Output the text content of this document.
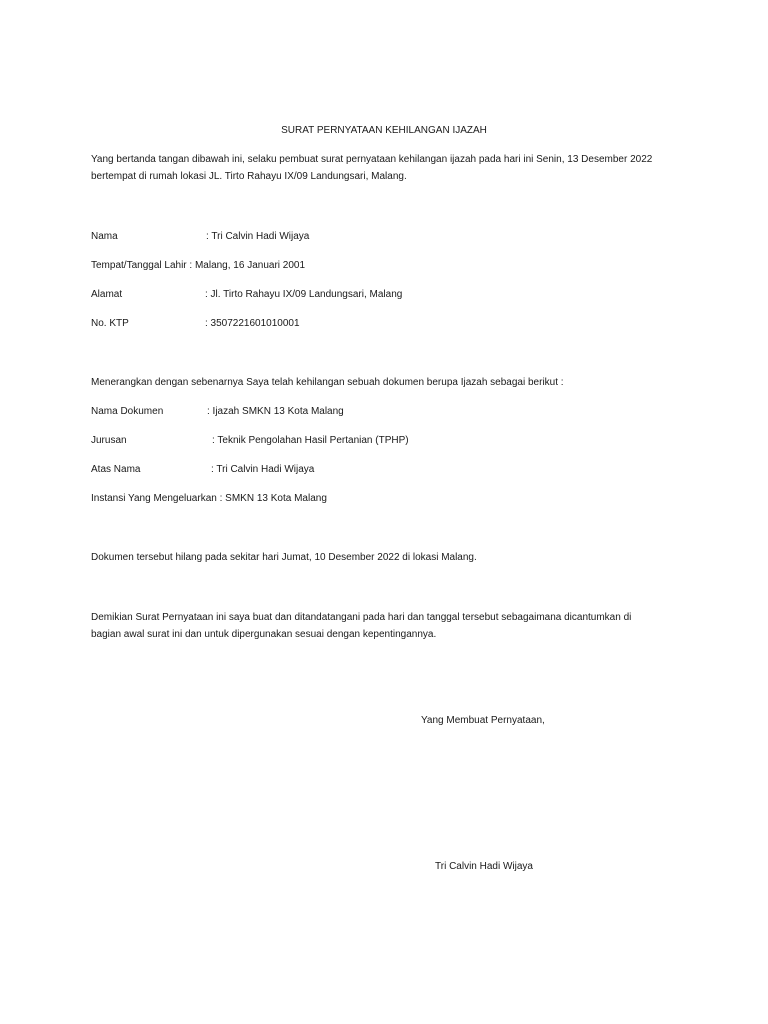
SURAT PERNYATAAN KEHILANGAN IJAZAH
Yang bertanda tangan dibawah ini, selaku pembuat surat pernyataan kehilangan ijazah pada hari ini Senin, 13 Desember 2022
bertempat di rumah lokasi JL. Tirto Rahayu IX/09 Landungsari, Malang.
Nama	: Tri Calvin Hadi Wijaya
Tempat/Tanggal Lahir : Malang, 16 Januari 2001
Alamat	: Jl. Tirto Rahayu IX/09 Landungsari, Malang
No. KTP	: 3507221601010001
Menerangkan dengan sebenarnya Saya telah kehilangan sebuah dokumen berupa Ijazah sebagai berikut :
Nama Dokumen	: Ijazah SMKN 13 Kota Malang
Jurusan	: Teknik Pengolahan Hasil Pertanian (TPHP)
Atas Nama	: Tri Calvin Hadi Wijaya
Instansi Yang Mengeluarkan : SMKN 13 Kota Malang
Dokumen tersebut hilang pada sekitar hari Jumat, 10 Desember 2022 di lokasi Malang.
Demikian Surat Pernyataan ini saya buat dan ditandatangani pada hari dan tanggal tersebut sebagaimana dicantumkan di
bagian awal surat ini dan untuk dipergunakan sesuai dengan kepentingannya.
Yang Membuat Pernyataan,
Tri Calvin Hadi Wijaya
